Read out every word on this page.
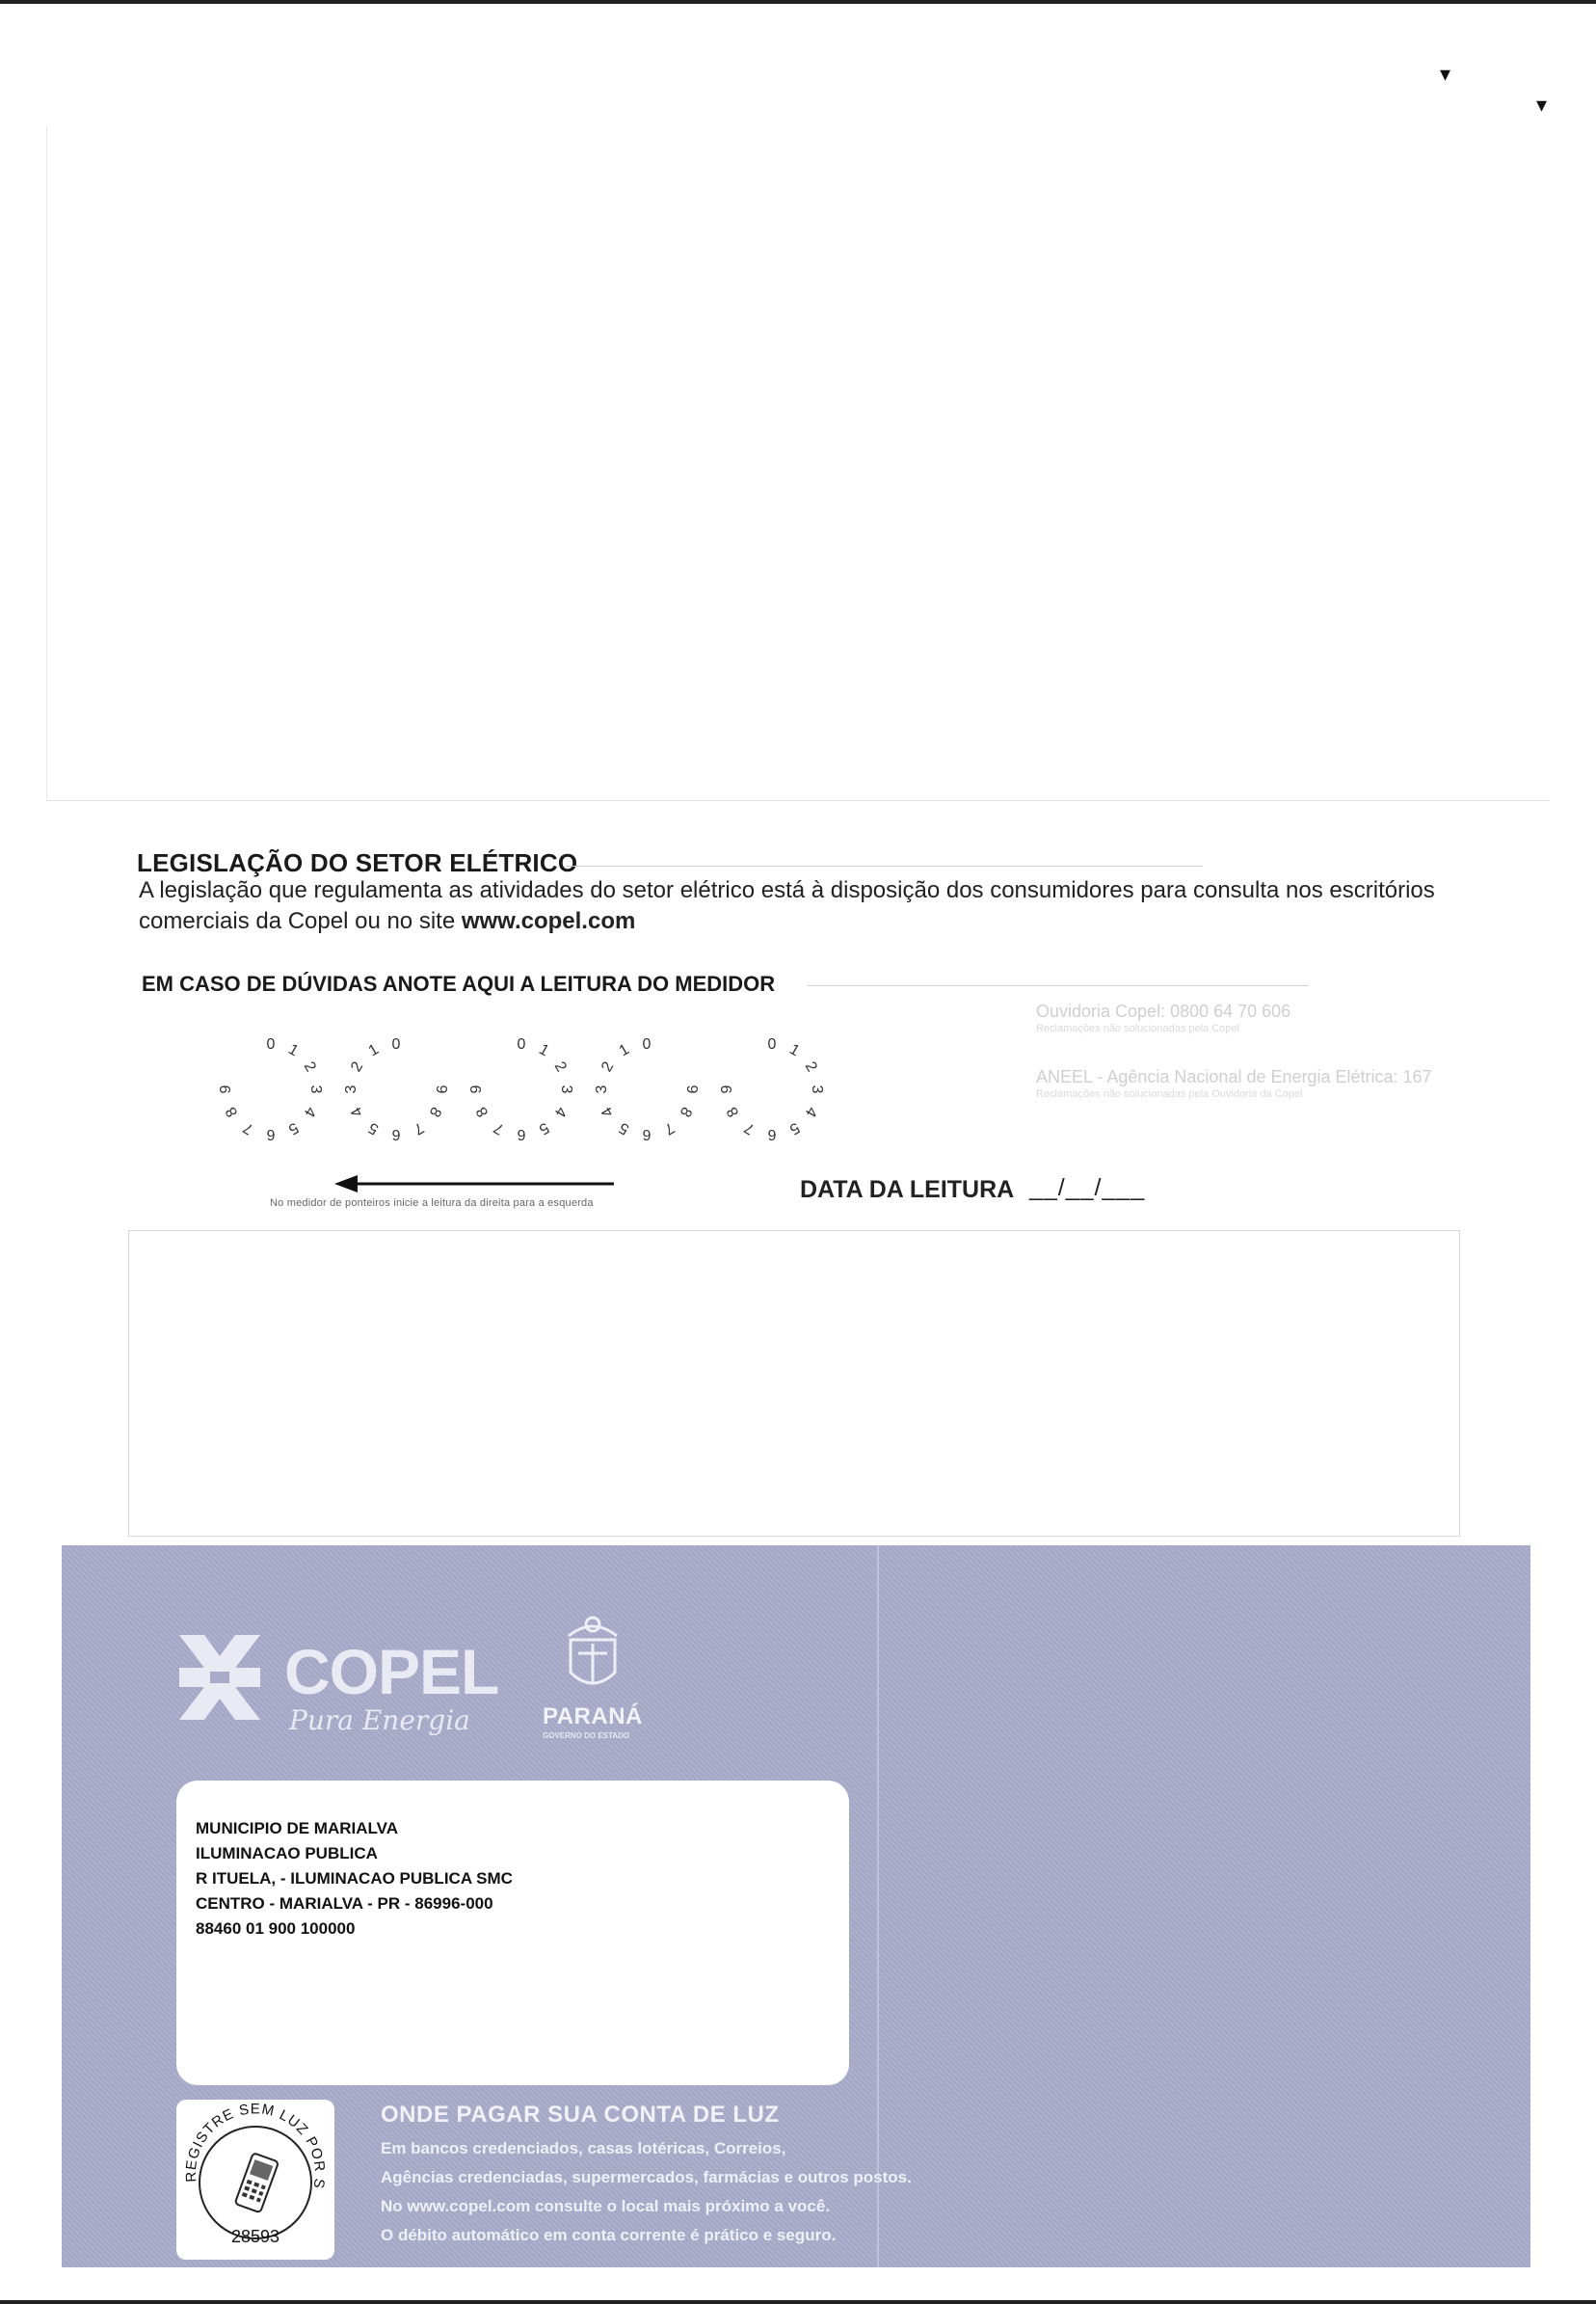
▾
▾
LEGISLAÇÃO DO SETOR ELÉTRICO
A legislação que regulamenta as atividades do setor elétrico está à disposição dos consumidores para consulta nos escritórios comerciais da Copel ou no site www.copel.com
EM CASO DE DÚVIDAS ANOTE AQUI A LEITURA DO MEDIDOR
Ouvidoria Copel: 0800 64 70 606
Reclamações não solucionadas pela Copel
ANEEL - Agência Nacional de Energia Elétrica: 167
Reclamações não solucionadas pela Ouvidoria da Copel
0 1
2
3
4
5
6
7
8
9
0
1
2
3
4
5 6 7
8
9
0 1
2
3
4
5
6
7
8
9
0
1
2
3
4
5 6 7
8
9
0 1
2
3
4
5
6
7
8
9
No medidor de ponteiros inicie a leitura da direita para a esquerda	DATA DA LEITURA __/__/___
COPEL
Pura Energia	PARANÁ
GOVERNO DO ESTADO
MUNICIPIO DE MARIALVA
ILUMINACAO PUBLICA
R ITUELA, - ILUMINACAO PUBLICA SMC
CENTRO - MARIALVA - PR - 86996-000
88460 01 900 100000
REGISTRE SEM LUZ POR S
28593
ONDE PAGAR SUA CONTA DE LUZ
Em bancos credenciados, casas lotéricas, Correios,
Agências credenciadas, supermercados, farmácias e outros postos.
No www.copel.com consulte o local mais próximo a você.
O débito automático em conta corrente é prático e seguro.
